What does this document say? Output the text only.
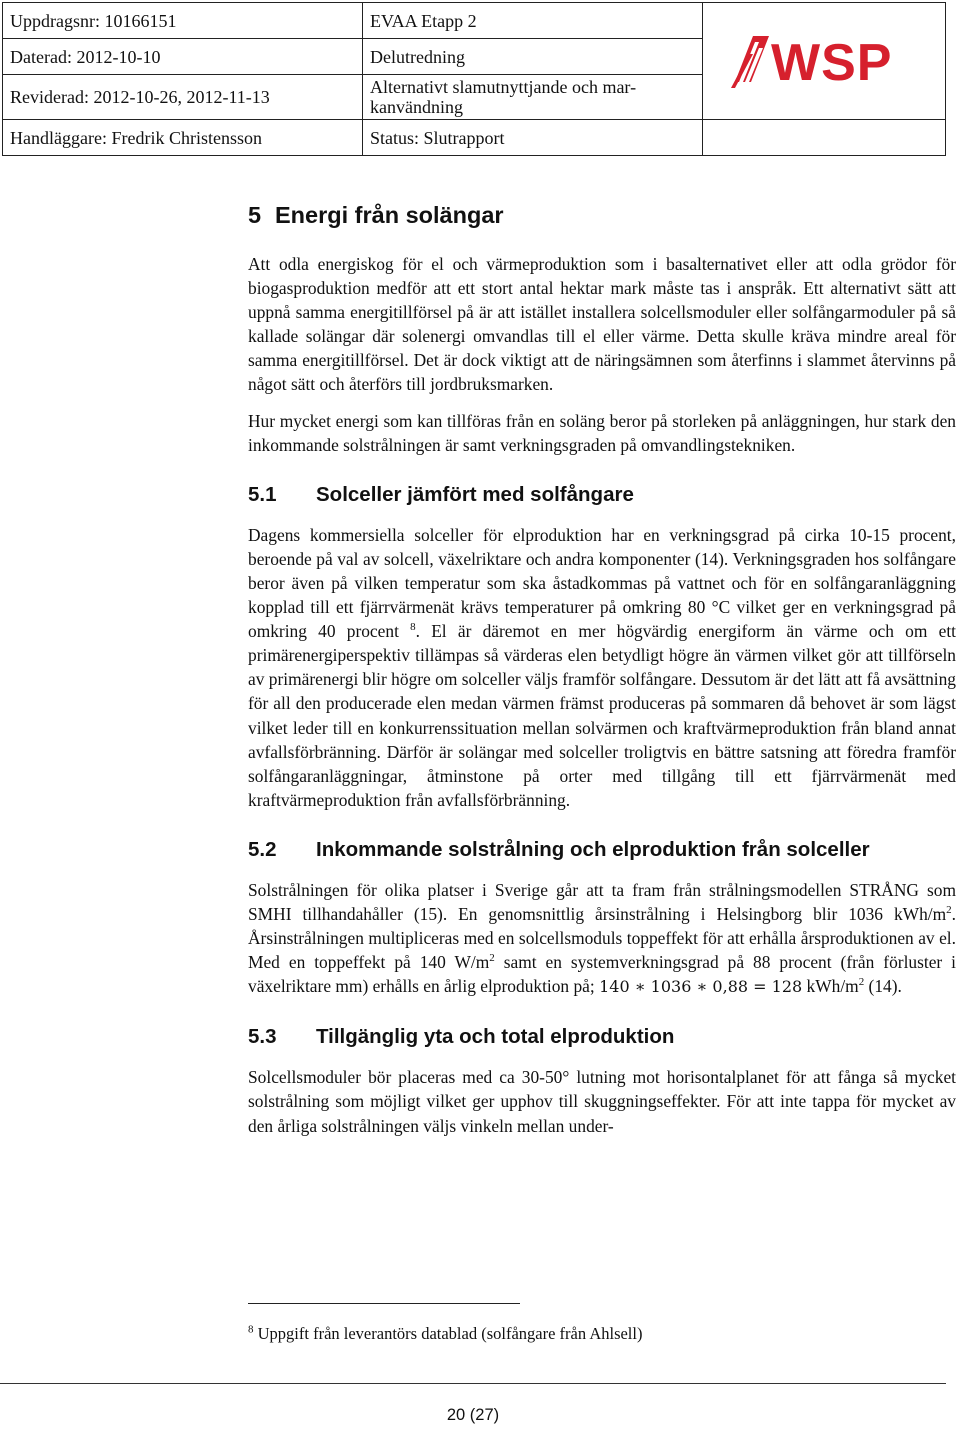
Uppdragsnr: 10166151	EVAA Etapp 2	WSP

Daterad: 2012-10-10	Delutredning	
Reviderad: 2012-10-26, 2012-11-13	Alternativt slamutnyttjande och mar-
kanvändning	
Handläggare: Fredrik Christensson	Status: Slutrapport	
5 Energi från solängar

Att odla energiskog för el och värmeproduktion som i basalternativet eller att odla grödor för biogasproduktion medför att ett stort antal hektar mark måste tas i anspråk. Ett alternativt sätt att uppnå samma energitillförsel på är att istället installera solcellsmoduler eller solfångarmoduler på så kallade solängar där solenergi omvandlas till el eller värme. Detta skulle kräva mindre areal för samma energitillförsel. Det är dock viktigt att de näringsämnen som återfinns i slammet återvinns på något sätt och återförs till jordbruksmarken.

Hur mycket energi som kan tillföras från en soläng beror på storleken på anläggningen, hur stark den inkommande solstrålningen är samt verkningsgraden på omvandlingstekniken.

5.1 Solceller jämfört med solfångare

Dagens kommersiella solceller för elproduktion har en verkningsgrad på cirka 10-15 procent, beroende på val av solcell, växelriktare och andra komponenter (14). Verkningsgraden hos solfångare beror även på vilken temperatur som ska åstadkommas på vattnet och för en solfångaranläggning kopplad till ett fjärrvärmenät krävs temperaturer på omkring 80 °C vilket ger en verkningsgrad på omkring 40 procent $^8$. El är däremot en mer högvärdig energiform än värme och om ett primärenergiperspektiv tillämpas så värderas elen betydligt högre än värmen vilket gör att tillförseln av primärenergi blir högre om solceller väljs framför solfångare. Dessutom är det lätt att få avsättning för all den producerade elen medan värmen främst produceras på sommaren då behovet är som lägst vilket leder till en konkurrenssituation mellan solvärmen och kraftvärmeproduktion från bland annat avfallsförbränning. Därför är solängar med solceller troligtvis en bättre satsning att föredra framför solfångaranläggningar, åtminstone på orter med tillgång till ett fjärrvärmenät med kraftvärmeproduktion från avfallsförbränning.

5.2 Inkommande solstrålning och elproduktion från solceller

Solstrålningen för olika platser i Sverige går att ta fram från strålningsmodellen STRÅNG som SMHI tillhandahåller (15). En genomsnittlig årsinstrålning i Helsingborg blir 1036 kWh/$m^2$. Årsinstrålningen multipliceras med en solcellsmoduls toppeffekt för att erhålla årsproduktionen av el. Med en toppeffekt på 140 $W/m^2$ samt en systemverkningsgrad på 88 procent (från förluster i växelriktare mm) erhålls en årlig elproduktion på; 140 ∗ 1036 ∗ 0,88 = 128 kWh/$m^2$ (14).

5.3 Tillgänglig yta och total elproduktion

Solcellsmoduler bör placeras med ca 30-50° lutning mot horisontalplanet för att fånga så mycket solstrålning som möjligt vilket ger upphov till skuggningseffekter. För att inte tappa för mycket av den årliga solstrålningen väljs vinkeln mellan under-

$^8$ Uppgift från leverantörs datablad (solfångare från Ahlsell)
20 (27)
